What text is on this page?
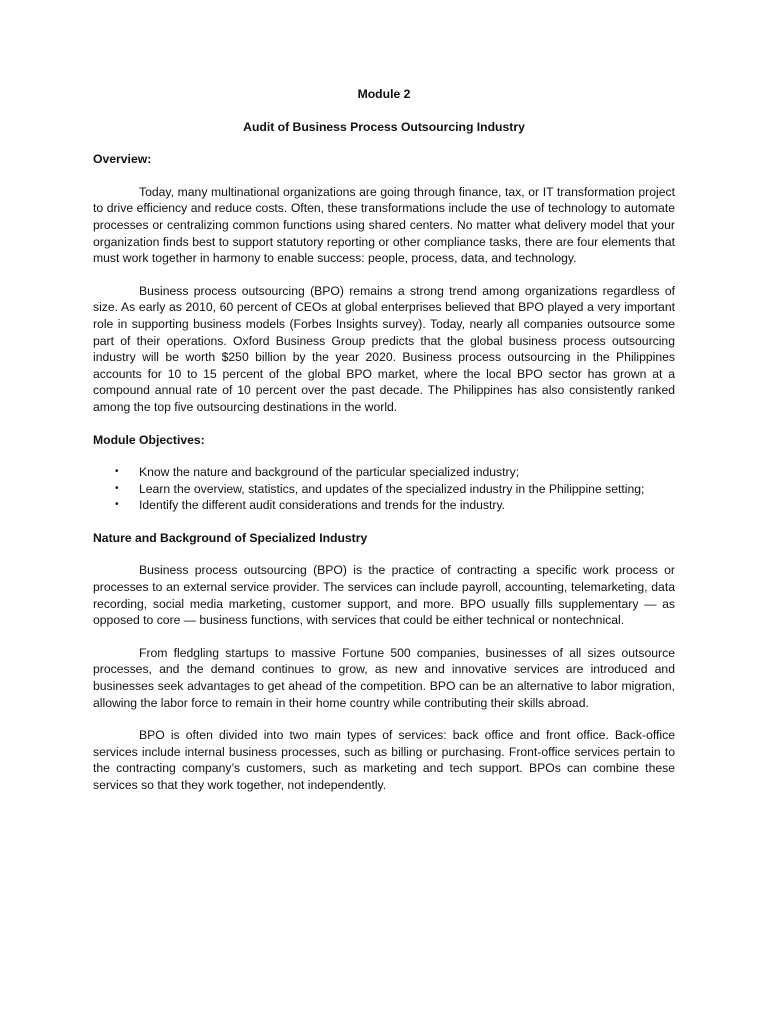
Module 2

Audit of Business Process Outsourcing Industry

Overview:

Today, many multinational organizations are going through finance, tax, or IT transformation project to drive efficiency and reduce costs. Often, these transformations include the use of technology to automate processes or centralizing common functions using shared centers. No matter what delivery model that your organization finds best to support statutory reporting or other compliance tasks, there are four elements that must work together in harmony to enable success: people, process, data, and technology.

Business process outsourcing (BPO) remains a strong trend among organizations regardless of size. As early as 2010, 60 percent of CEOs at global enterprises believed that BPO played a very important role in supporting business models (Forbes Insights survey). Today, nearly all companies outsource some part of their operations. Oxford Business Group predicts that the global business process outsourcing industry will be worth $250 billion by the year 2020. Business process outsourcing in the Philippines accounts for 10 to 15 percent of the global BPO market, where the local BPO sector has grown at a compound annual rate of 10 percent over the past decade. The Philippines has also consistently ranked among the top five outsourcing destinations in the world.

Module Objectives:

• Know the nature and background of the particular specialized industry;
• Learn the overview, statistics, and updates of the specialized industry in the Philippine setting;
• Identify the different audit considerations and trends for the industry.

Nature and Background of Specialized Industry

Business process outsourcing (BPO) is the practice of contracting a specific work process or processes to an external service provider. The services can include payroll, accounting, telemarketing, data recording, social media marketing, customer support, and more. BPO usually fills supplementary — as opposed to core — business functions, with services that could be either technical or nontechnical.

From fledgling startups to massive Fortune 500 companies, businesses of all sizes outsource processes, and the demand continues to grow, as new and innovative services are introduced and businesses seek advantages to get ahead of the competition. BPO can be an alternative to labor migration, allowing the labor force to remain in their home country while contributing their skills abroad.

BPO is often divided into two main types of services: back office and front office. Back-office services include internal business processes, such as billing or purchasing. Front-office services pertain to the contracting company’s customers, such as marketing and tech support. BPOs can combine these services so that they work together, not independently.
